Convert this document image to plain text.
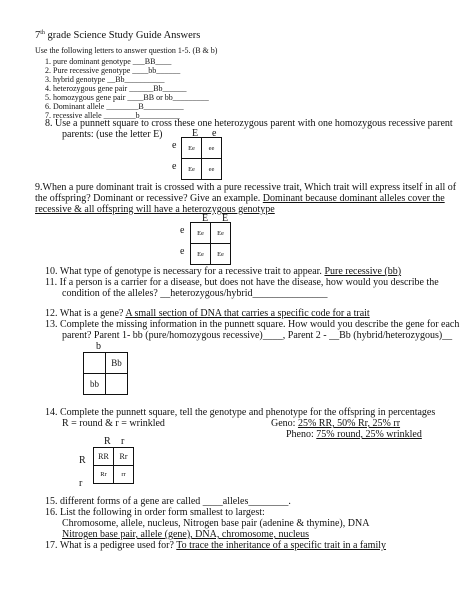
7th grade Science Study Guide Answers
Use the following letters to answer question 1-5. (B & b)
1. pure dominant genotype ___BB____
2. Pure recessive genotype ____bb______
3. hybrid genotype __Bb__________
4. heterozygous gene pair ______Bb______
5. homozygous gene pair ____BB or bb_________
6. Dominant allele ________B__________
7. recessive allele ________b__________
8. Use a punnett square to cross these one heterozygous parent with one homozygous recessive parent
parents: (use the letter E)	E e
e
e
Ee	ee
Ee	ee
9.When a pure dominant trait is crossed with a pure recessive trait, Which trait will express itself in all of
the offspring? Dominant or recessive? Give an example. Dominant because dominant alleles cover the
recessive & all offspring will have a heterozygous genotype
E E
e
e
Ee	Ee
Ee	Ee
10. What type of genotype is necessary for a recessive trait to appear. Pure recessive (bb)
11. If a person is a carrier for a disease, but does not have the disease, how would you describe the
condition of the alleles? __heterozygous/hybrid_______________
12. What is a gene? A small section of DNA that carries a specific code for a trait
13. Complete the missing information in the punnett square. How would you describe the gene for each
parent? Parent 1- bb (pure/homozygous recessive)____, Parent 2 - __Bb (hybrid/heterozygous)__
b
	Bb
bb	
14. Complete the punnett square, tell the genotype and phenotype for the offspring in percentages
R = round & r = wrinkled	Geno: 25% RR, 50% Rr, 25% rr
Pheno: 75% round, 25% wrinkled
R r
R
r
RR	Rr
Rr	rr
15. different forms of a gene are called ____alleles________.
16. List the following in order form smallest to largest:
Chromosome, allele, nucleus, Nitrogen base pair (adenine & thymine), DNA
Nitrogen base pair, allele (gene), DNA, chromosome, nucleus
17. What is a pedigree used for? To trace the inheritance of a specific trait in a family
